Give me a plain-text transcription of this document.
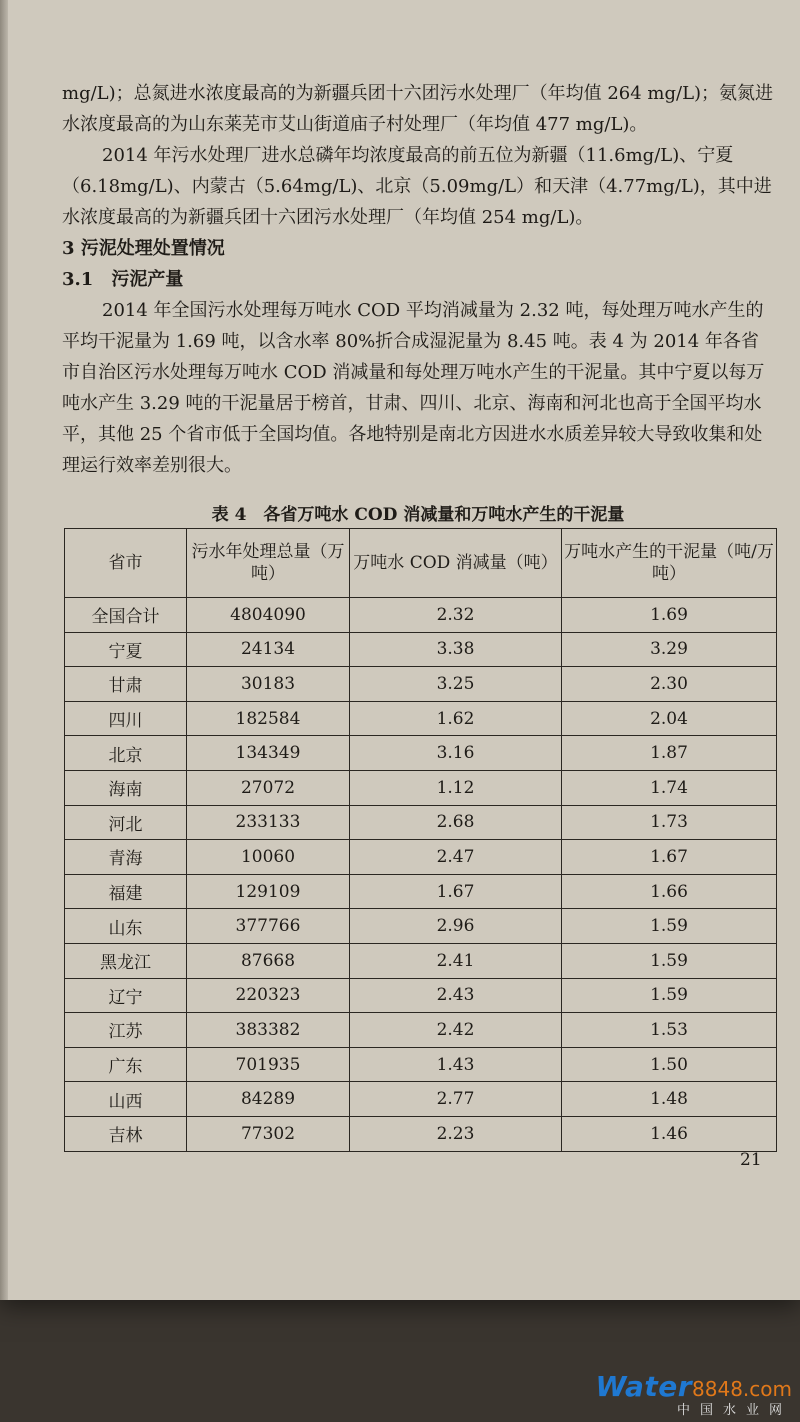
mg/L)；总氮进水浓度最高的为新疆兵团十六团污水处理厂（年均值 264 mg/L)；氨氮进水浓度最高的为山东莱芜市艾山街道庙子村处理厂（年均值 477 mg/L)。

2014 年污水处理厂进水总磷年均浓度最高的前五位为新疆（11.6mg/L)、宁夏（6.18mg/L)、内蒙古（5.64mg/L)、北京（5.09mg/L）和天津（4.77mg/L)，其中进水浓度最高的为新疆兵团十六团污水处理厂（年均值 254 mg/L)。

3 污泥处理处置情况

3.1　污泥产量

2014 年全国污水处理每万吨水 COD 平均消减量为 2.32 吨，每处理万吨水产生的平均干泥量为 1.69 吨，以含水率 80%折合成湿泥量为 8.45 吨。表 4 为 2014 年各省市自治区污水处理每万吨水 COD 消减量和每处理万吨水产生的干泥量。其中宁夏以每万吨水产生 3.29 吨的干泥量居于榜首，甘肃、四川、北京、海南和河北也高于全国平均水平，其他 25 个省市低于全国均值。各地特别是南北方因进水水质差异较大导致收集和处理运行效率差别很大。

表 4　各省万吨水 COD 消减量和万吨水产生的干泥量
省市	污水年处理总量（万吨）	万吨水 COD 消减量（吨）	万吨水产生的干泥量（吨/万吨）
全国合计	4804090	2.32	1.69
宁夏	24134	3.38	3.29
甘肃	30183	3.25	2.30
四川	182584	1.62	2.04
北京	134349	3.16	1.87
海南	27072	1.12	1.74
河北	233133	2.68	1.73
青海	10060	2.47	1.67
福建	129109	1.67	1.66
山东	377766	2.96	1.59
黑龙江	87668	2.41	1.59
辽宁	220323	2.43	1.59
江苏	383382	2.42	1.53
广东	701935	1.43	1.50
山西	84289	2.77	1.48
吉林	77302	2.23	1.46
21
Water8848.com
中国水业网
